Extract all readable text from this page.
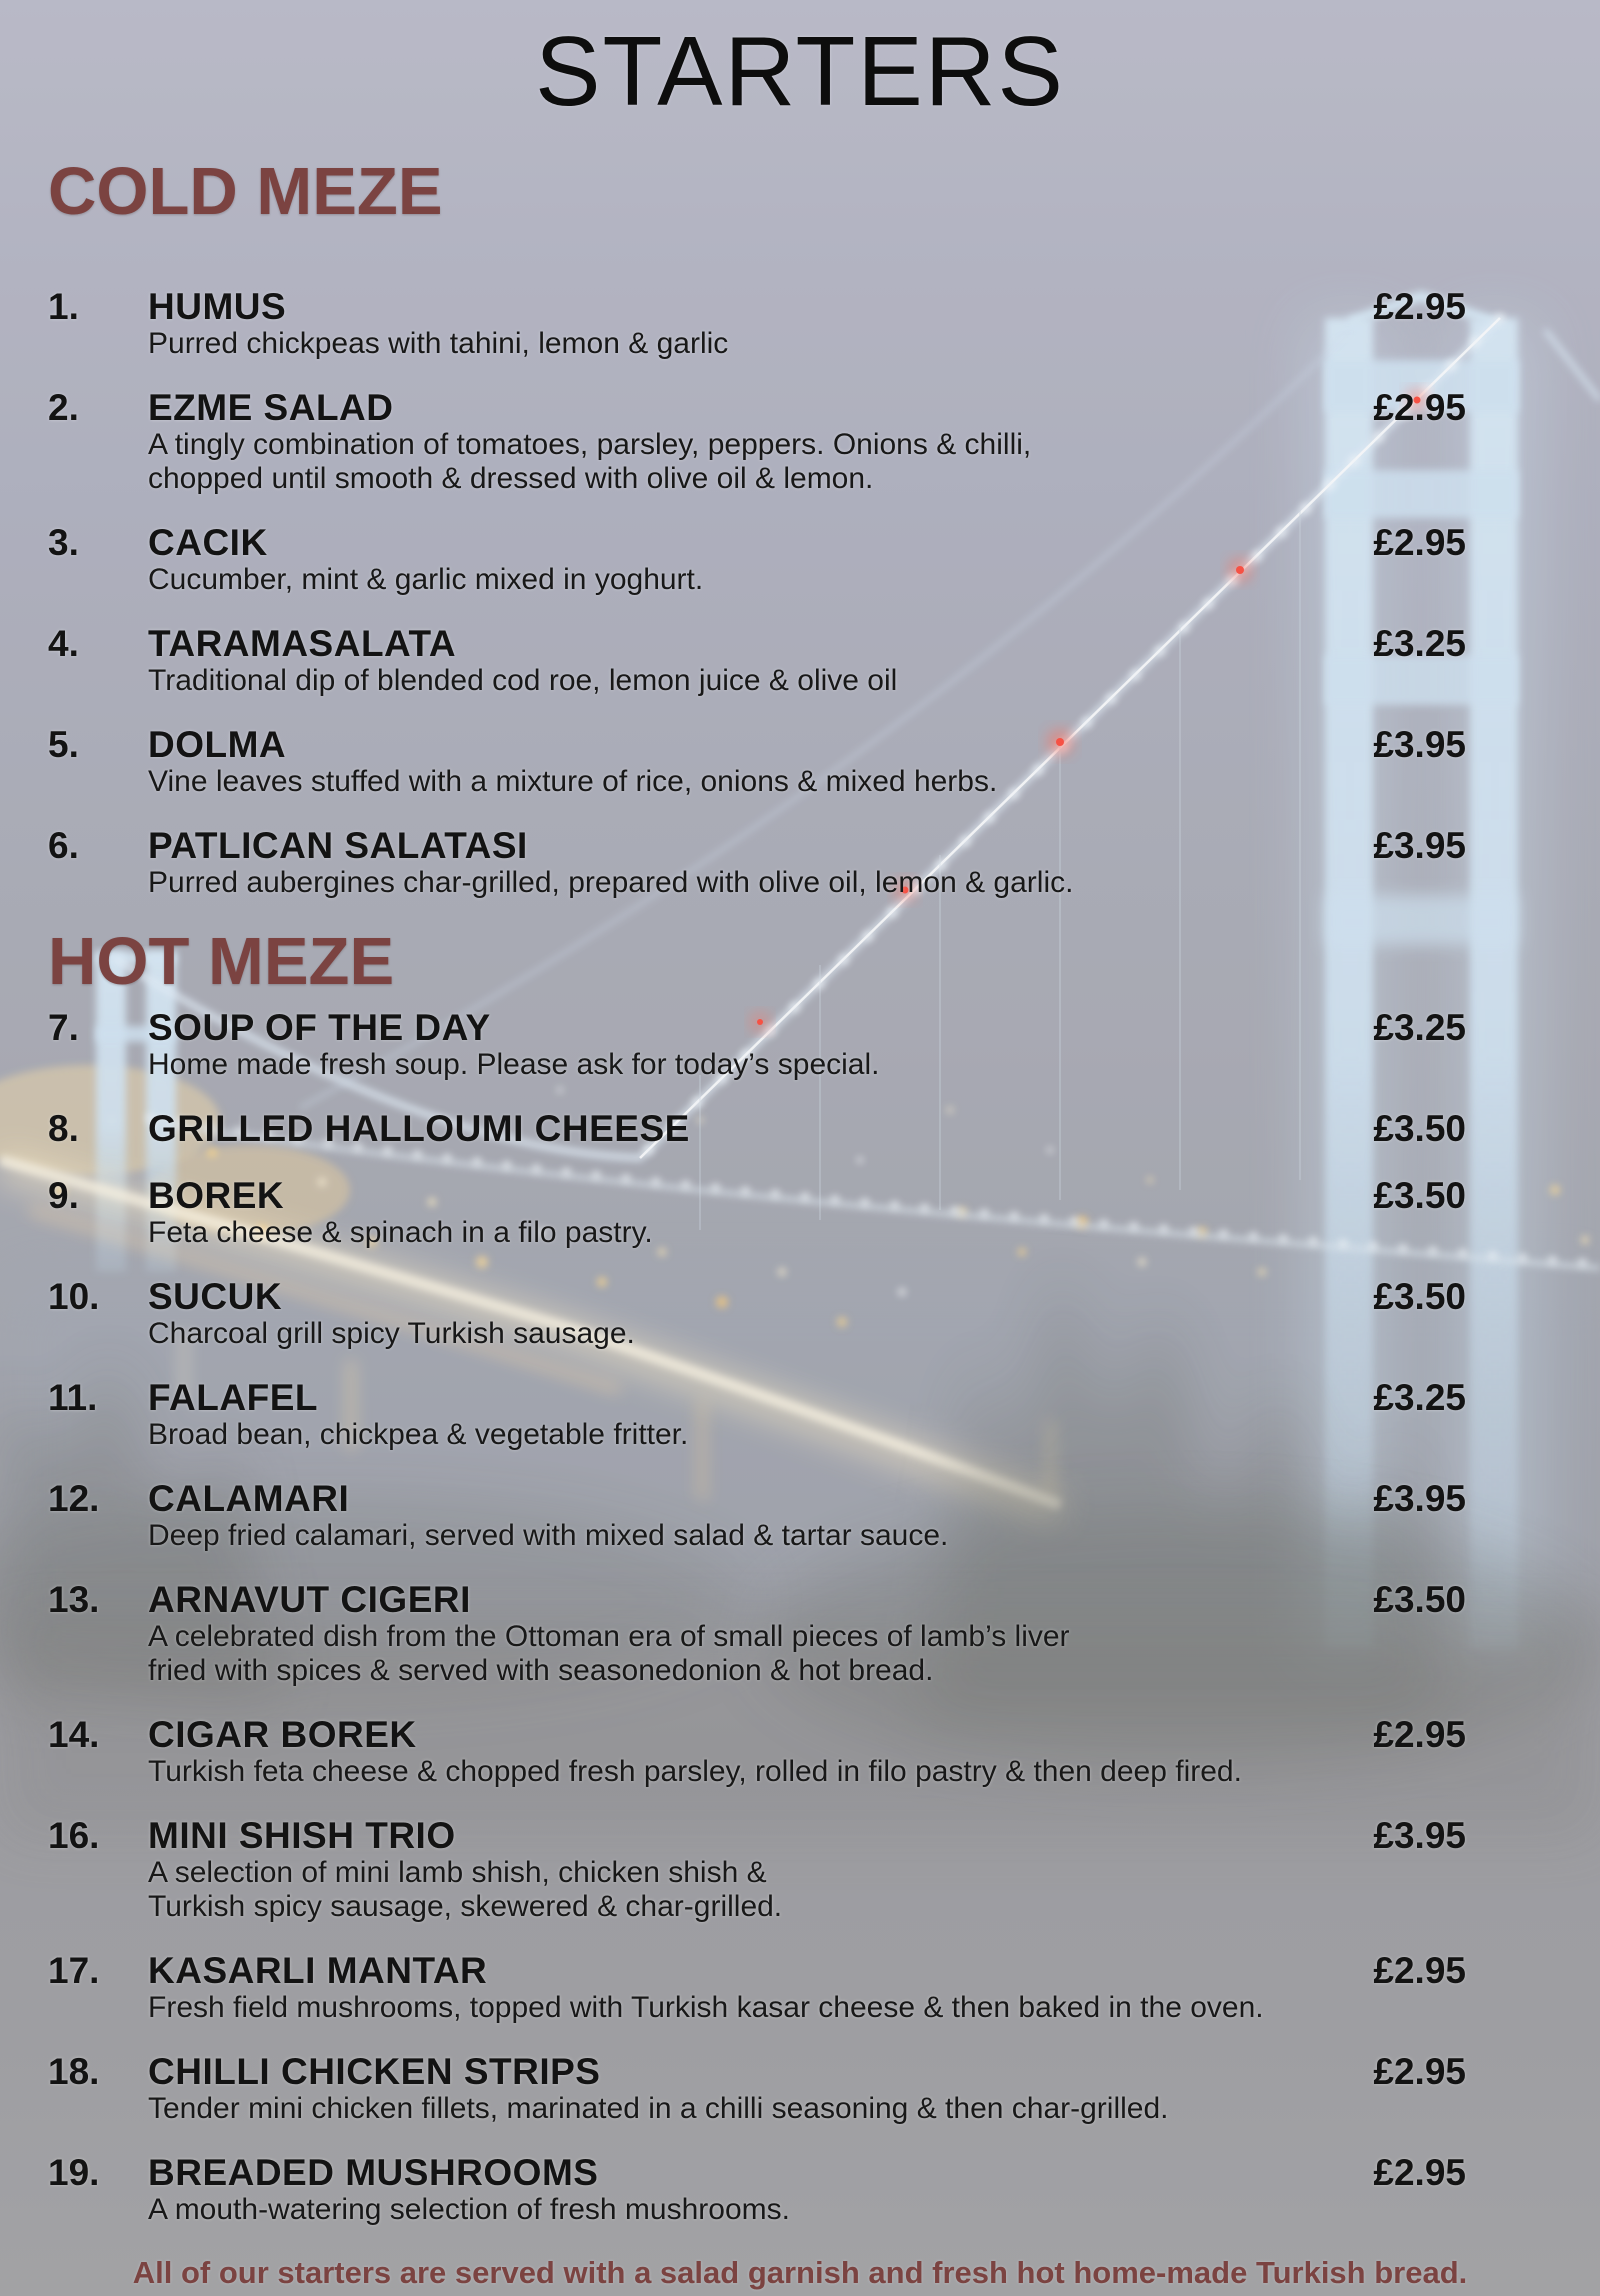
STARTERS
COLD MEZE
1.	HUMUS	£2.95
Purred chickpeas with tahini, lemon & garlic
2.	EZME SALAD	£2.95
A tingly combination of tomatoes, parsley, peppers. Onions & chilli,
chopped until smooth & dressed with olive oil & lemon.
3.	CACIK	£2.95
Cucumber, mint & garlic mixed in yoghurt.
4.	TARAMASALATA	£3.25
Traditional dip of blended cod roe, lemon juice & olive oil
5.	DOLMA	£3.95
Vine leaves stuffed with a mixture of rice, onions & mixed herbs.
6.	PATLICAN SALATASI	£3.95
Purred aubergines char-grilled, prepared with olive oil, lemon & garlic.
HOT MEZE
7.	SOUP OF THE DAY	£3.25
Home made fresh soup. Please ask for today’s special.
8.	GRILLED HALLOUMI CHEESE	£3.50
9.	BOREK	£3.50
Feta cheese & spinach in a filo pastry.
10.	SUCUK	£3.50
Charcoal grill spicy Turkish sausage.
11.	FALAFEL	£3.25
Broad bean, chickpea & vegetable fritter.
12.	CALAMARI	£3.95
Deep fried calamari, served with mixed salad & tartar sauce.
13.	ARNAVUT CIGERI	£3.50
A celebrated dish from the Ottoman era of small pieces of lamb’s liver
fried with spices & served with seasonedonion & hot bread.
14.	CIGAR BOREK	£2.95
Turkish feta cheese & chopped fresh parsley, rolled in filo pastry & then deep fired.
16.	MINI SHISH TRIO	£3.95
A selection of mini lamb shish, chicken shish &
Turkish spicy sausage, skewered & char-grilled.
17.	KASARLI MANTAR	£2.95
Fresh field mushrooms, topped with Turkish kasar cheese & then baked in the oven.
18.	CHILLI CHICKEN STRIPS	£2.95
Tender mini chicken fillets, marinated in a chilli seasoning & then char-grilled.
19.	BREADED MUSHROOMS	£2.95
A mouth-watering selection of fresh mushrooms.
All of our starters are served with a salad garnish and fresh hot home-made Turkish bread.
